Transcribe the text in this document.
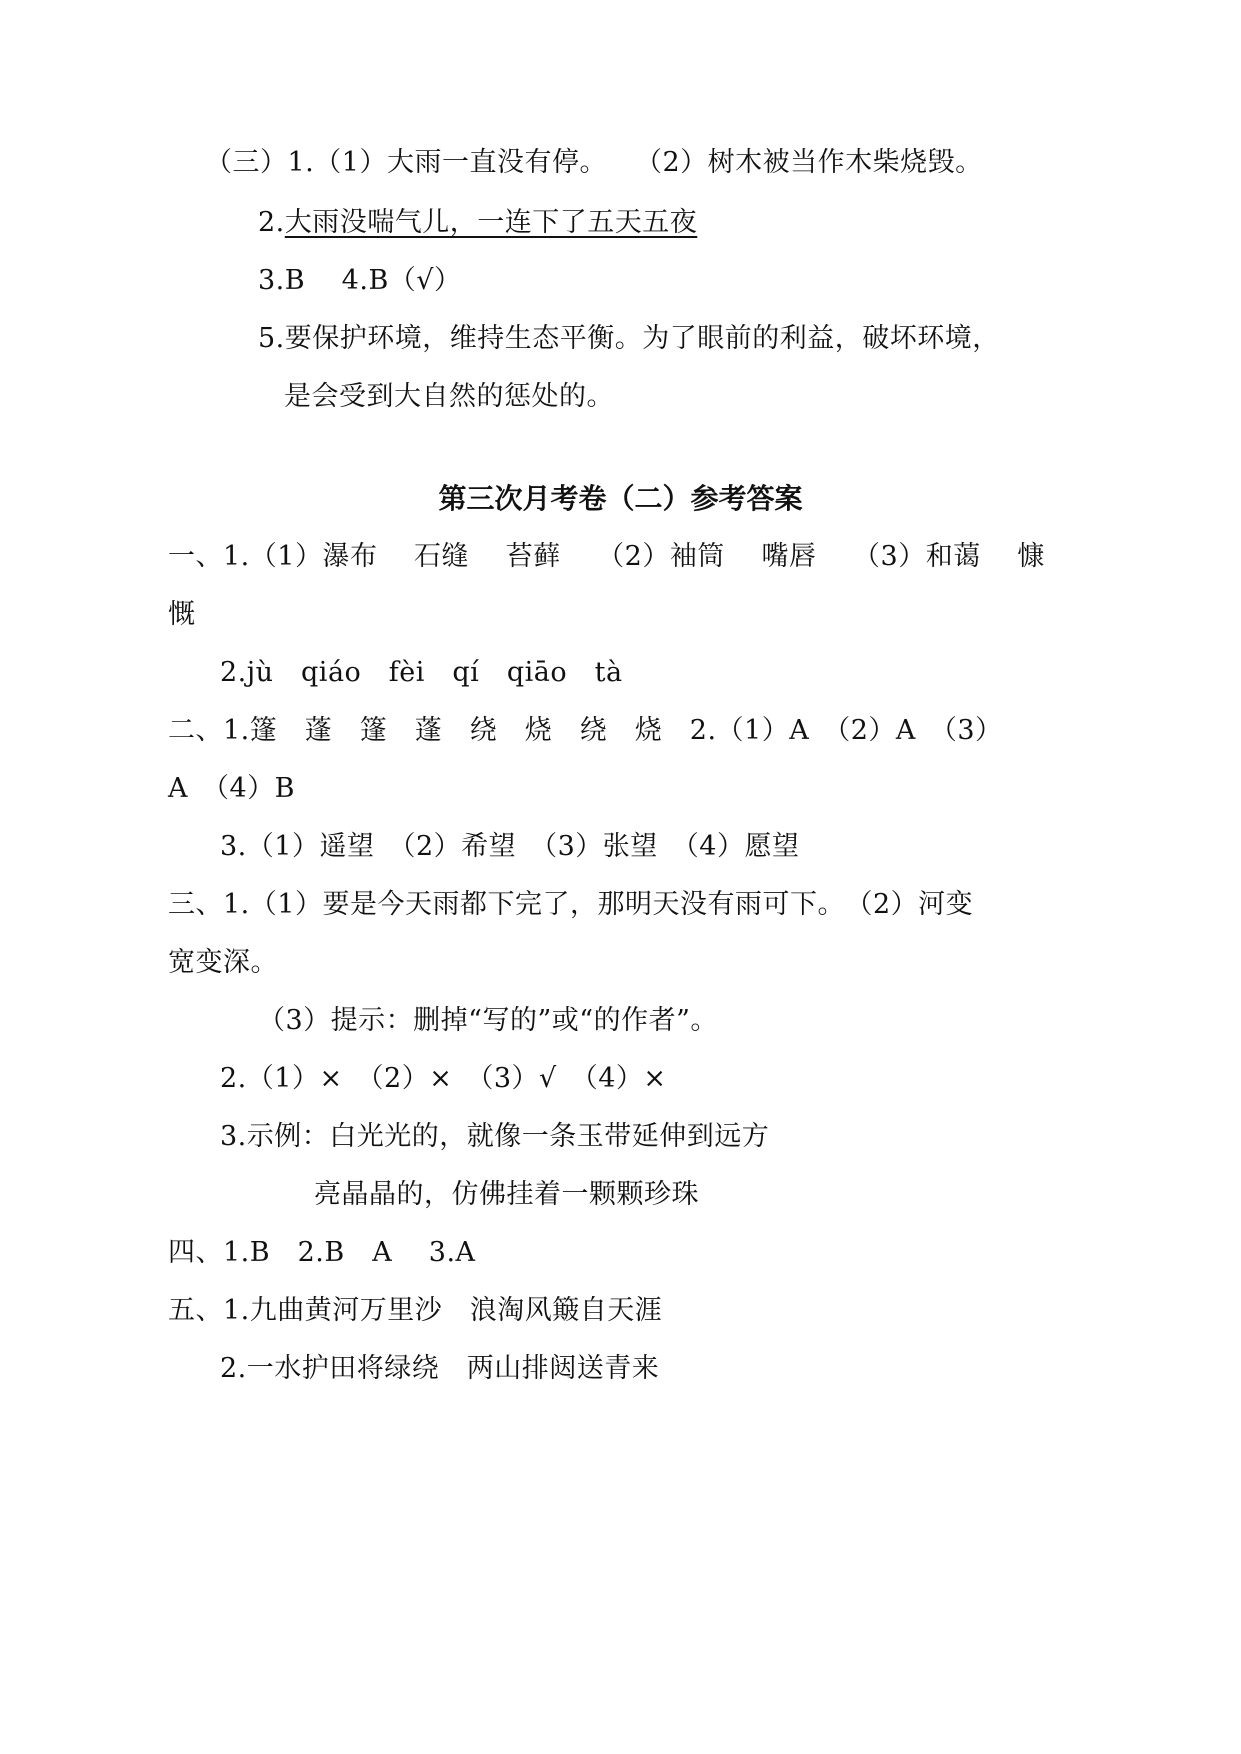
（三）1.（1）大雨一直没有停。　　（2）树木被当作木柴烧毁。
2.大雨没喘气儿，一连下了五天五夜
3.B　 4.B（√）
5.要保护环境，维持生态平衡。为了眼前的利益，破坏环境，
是会受到大自然的惩处的。
第三次月考卷（二）参考答案
一、1.（1）瀑布　 石缝　 苔藓　 （2）袖筒　 嘴唇　 （3）和蔼　 慷
慨
2.jù　qiáo　fèi　qí　qiāo　tà
二、1.篷　蓬　篷　蓬　绕　烧　绕　烧　2.（1）A　（2）A　（3）
A　（4）B
3.（1）遥望　（2）希望　（3）张望　（4）愿望
三、1.（1）要是今天雨都下完了，那明天没有雨可下。　（2）河变
宽变深。
（3）提示：删掉“写的”或“的作者”。
2.（1）×　（2）×　（3）√　（4）×
3.示例：白光光的，就像一条玉带延伸到远方
亮晶晶的，仿佛挂着一颗颗珍珠
四、1.B　2.B　A　 3.A
五、1.九曲黄河万里沙　浪淘风簸自天涯
2.一水护田将绿绕　两山排闼送青来
